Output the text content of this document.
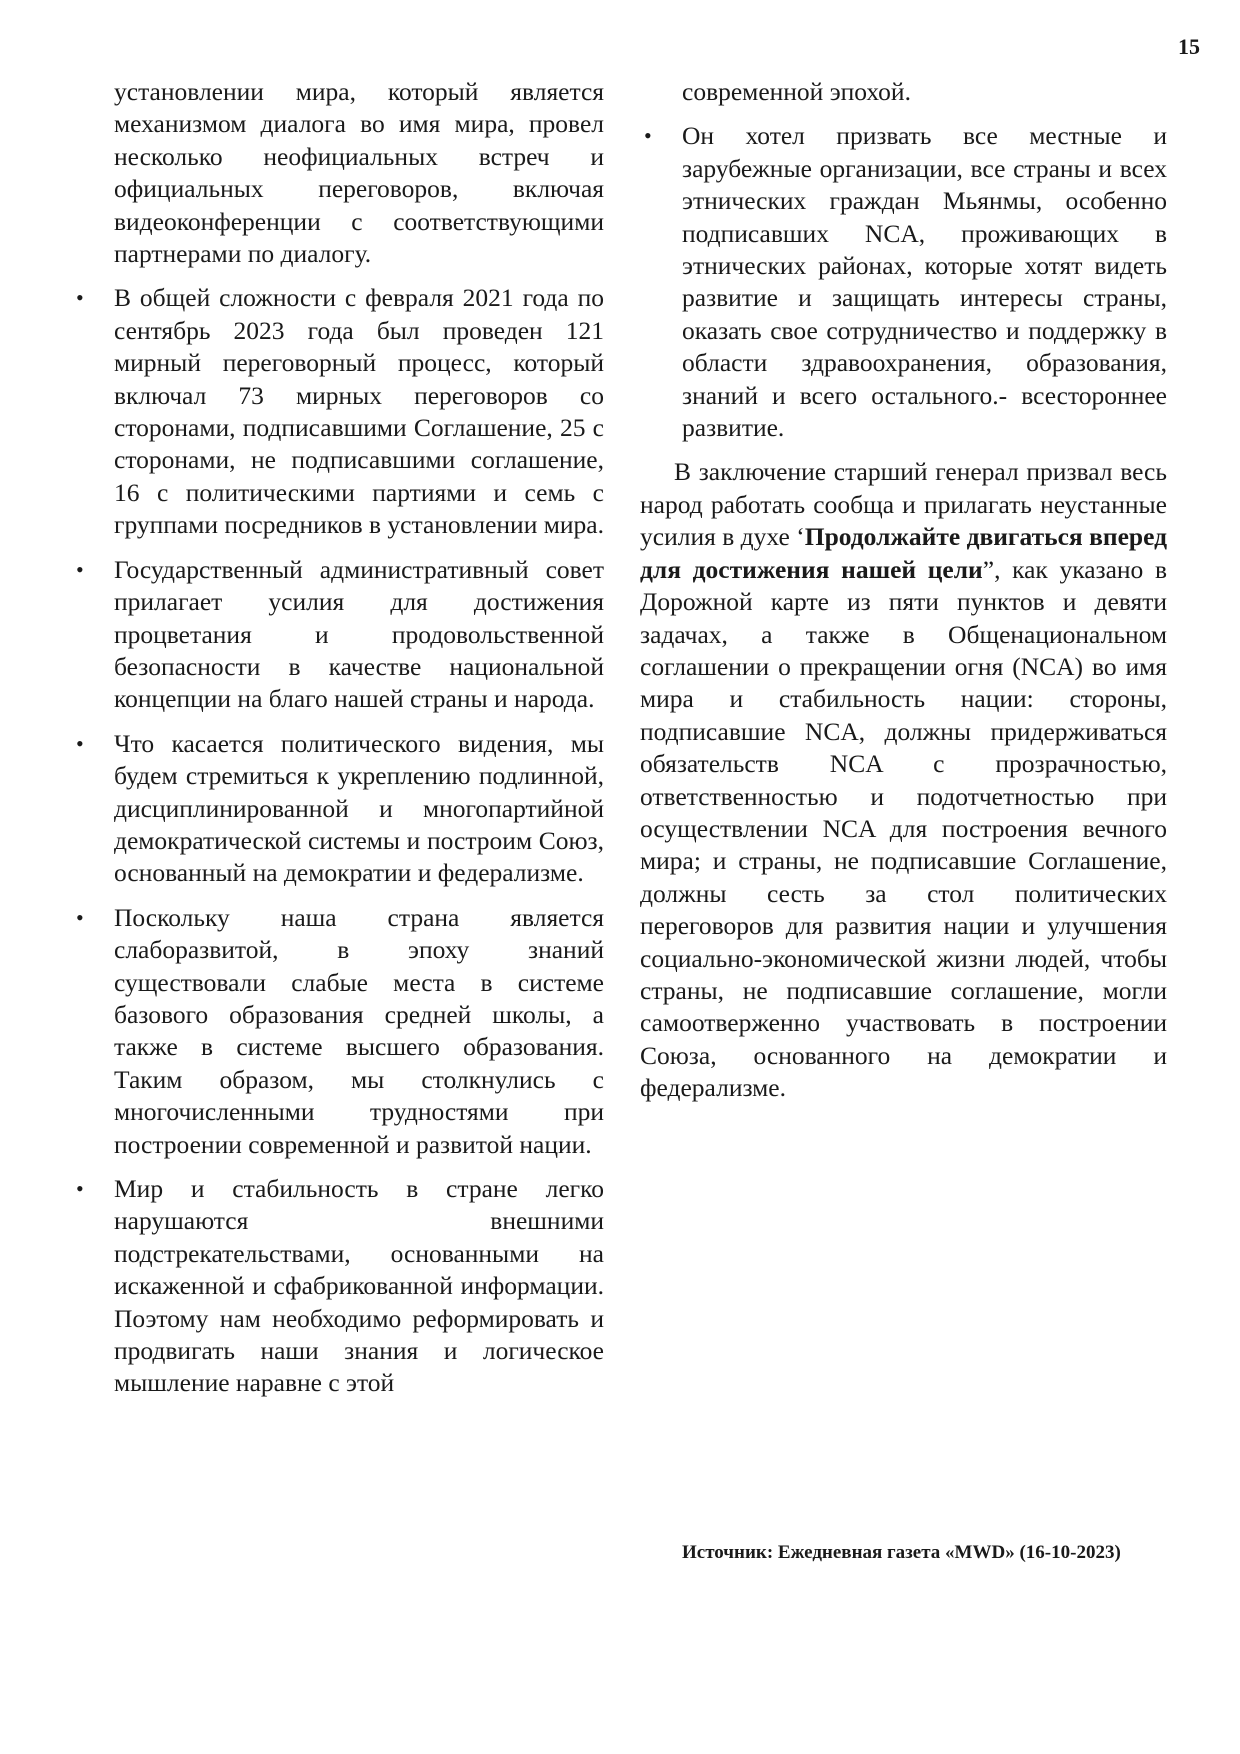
15
установлении мира, который является механизмом диалога во имя мира, провел несколько неофициальных встреч и официальных переговоров, включая видеоконференции с соответствующими партнерами по диалогу.
• В общей сложности с февраля 2021 года по сентябрь 2023 года был проведен 121 мирный переговорный процесс, который включал 73 мирных переговоров со сторонами, подписавшими Соглашение, 25 с сторонами, не подписавшими соглашение, 16 с политическими партиями и семь с группами посредников в установлении мира.
• Государственный административный совет прилагает усилия для достижения процветания и продовольственной безопасности в качестве национальной концепции на благо нашей страны и народа.
• Что касается политического видения, мы будем стремиться к укреплению подлинной, дисциплинированной и многопартийной демократической системы и построим Союз, основанный на демократии и федерализме.
• Поскольку наша страна является слаборазвитой, в эпоху знаний существовали слабые места в системе базового образования средней школы, а также в системе высшего образования. Таким образом, мы столкнулись с многочисленными трудностями при построении современной и развитой нации.
• Мир и стабильность в стране легко нарушаются внешними подстрекательствами, основанными на искаженной и сфабрикованной информации. Поэтому нам необходимо реформировать и продвигать наши знания и логическое мышление наравне с этой
современной эпохой.
• Он хотел призвать все местные и зарубежные организации, все страны и всех этнических граждан Мьянмы, особенно подписавших NCA, проживающих в этнических районах, которые хотят видеть развитие и защищать интересы страны, оказать свое сотрудничество и поддержку в области здравоохранения, образования, знаний и всего остального.- всестороннее развитие.

В заключение старший генерал призвал весь народ работать сообща и прилагать неустанные усилия в духе ‘Продолжайте двигаться вперед для достижения нашей цели”, как указано в Дорожной карте из пяти пунктов и девяти задачах, а также в Общенациональном соглашении о прекращении огня (NCA) во имя мира и стабильность нации: стороны, подписавшие NCA, должны придерживаться обязательств NCA с прозрачностью, ответственностью и подотчетностью при осуществлении NCA для построения вечного мира; и страны, не подписавшие Соглашение, должны сесть за стол политических переговоров для развития нации и улучшения социально-экономической жизни людей, чтобы страны, не подписавшие соглашение, могли самоотверженно участвовать в построении Союза, основанного на демократии и федерализме.

Источник: Ежедневная газета «MWD» (16-10-2023)
